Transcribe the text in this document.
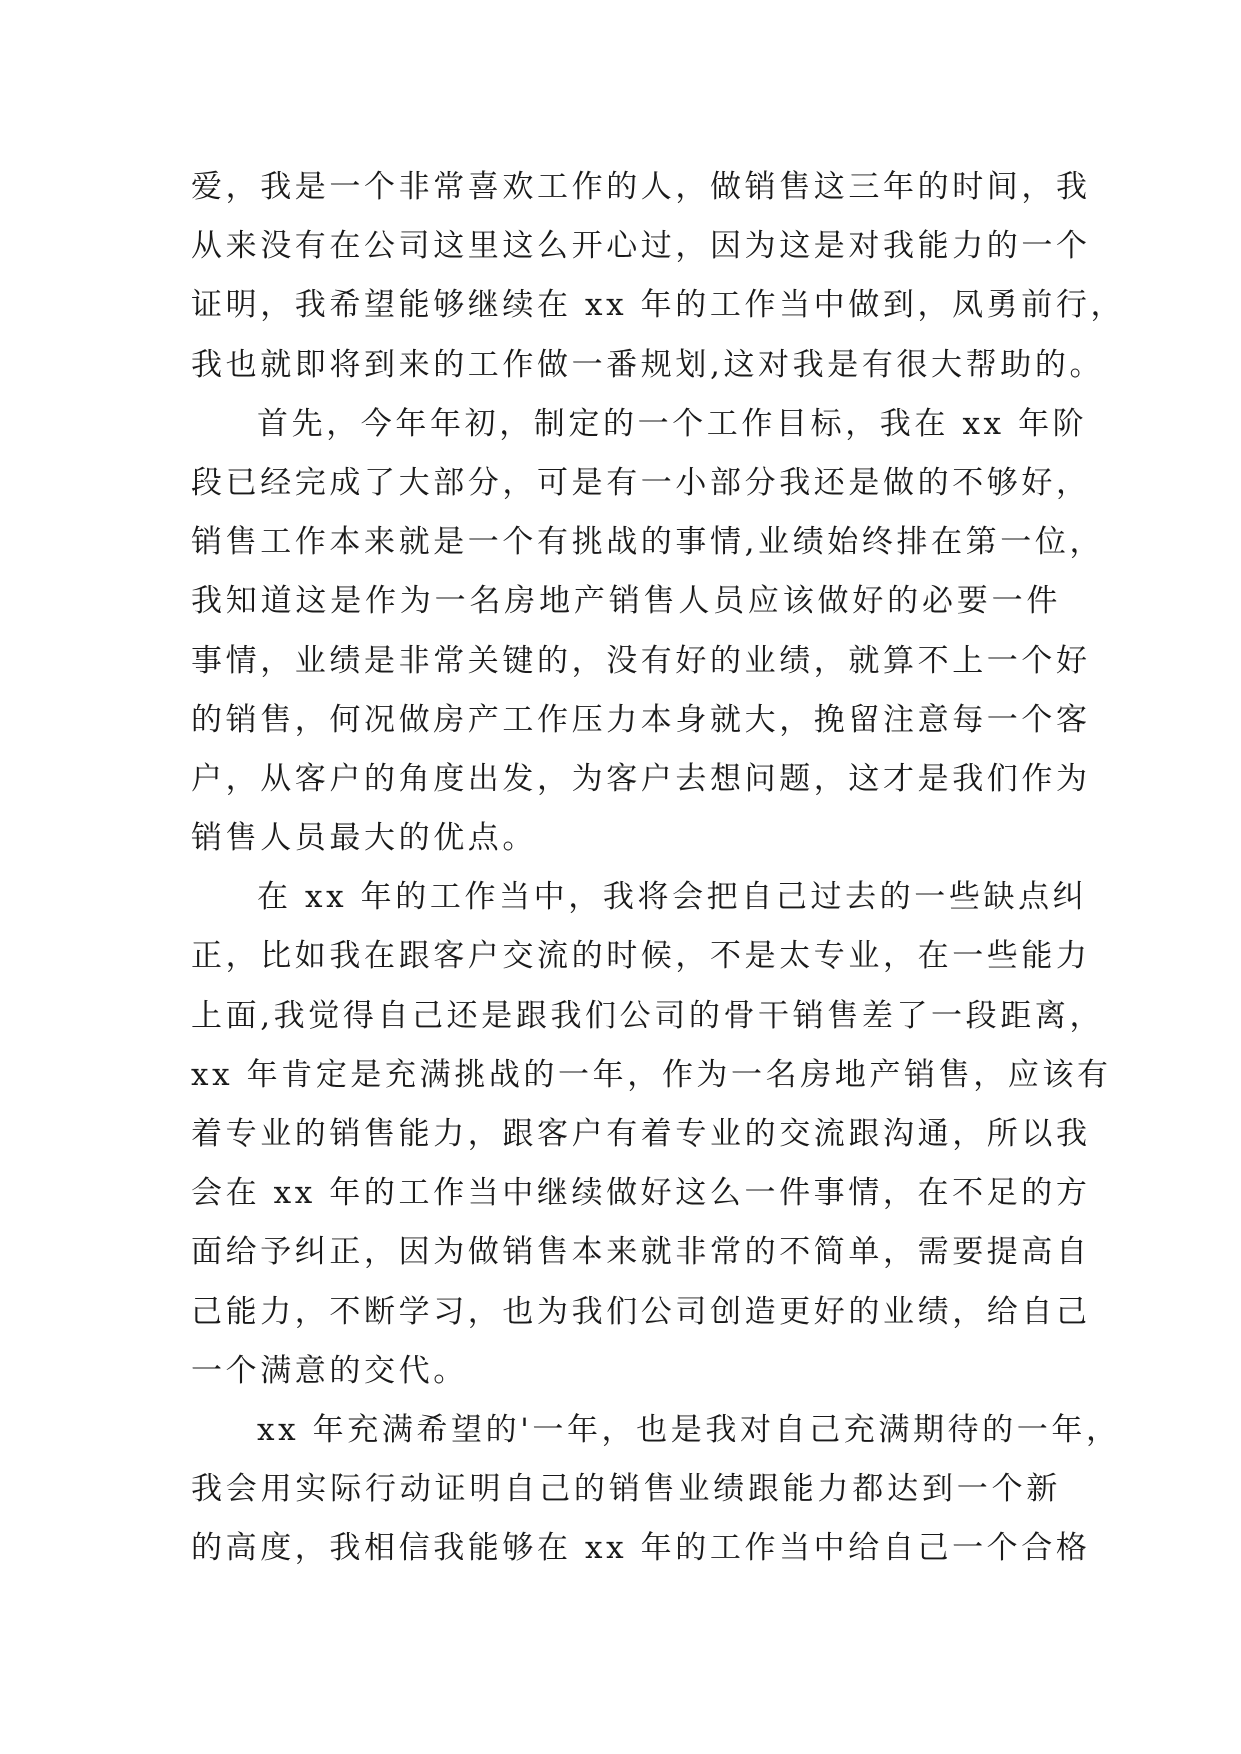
爱，我是一个非常喜欢工作的人，做销售这三年的时间，我
从来没有在公司这里这么开心过，因为这是对我能力的一个
证明，我希望能够继续在 xx 年的工作当中做到，凤勇前行，
我也就即将到来的工作做一番规划,这对我是有很大帮助的。
首先，今年年初，制定的一个工作目标，我在 xx 年阶
段已经完成了大部分，可是有一小部分我还是做的不够好，
销售工作本来就是一个有挑战的事情,业绩始终排在第一位，
我知道这是作为一名房地产销售人员应该做好的必要一件
事情，业绩是非常关键的，没有好的业绩，就算不上一个好
的销售，何况做房产工作压力本身就大，挽留注意每一个客
户，从客户的角度出发，为客户去想问题，这才是我们作为
销售人员最大的优点。
在 xx 年的工作当中，我将会把自己过去的一些缺点纠
正，比如我在跟客户交流的时候，不是太专业，在一些能力
上面,我觉得自己还是跟我们公司的骨干销售差了一段距离，
xx 年肯定是充满挑战的一年，作为一名房地产销售，应该有
着专业的销售能力，跟客户有着专业的交流跟沟通，所以我
会在 xx 年的工作当中继续做好这么一件事情，在不足的方
面给予纠正，因为做销售本来就非常的不简单，需要提高自
己能力，不断学习，也为我们公司创造更好的业绩，给自己
一个满意的交代。
xx 年充满希望的'一年，也是我对自己充满期待的一年，
我会用实际行动证明自己的销售业绩跟能力都达到一个新
的高度，我相信我能够在 xx 年的工作当中给自己一个合格
